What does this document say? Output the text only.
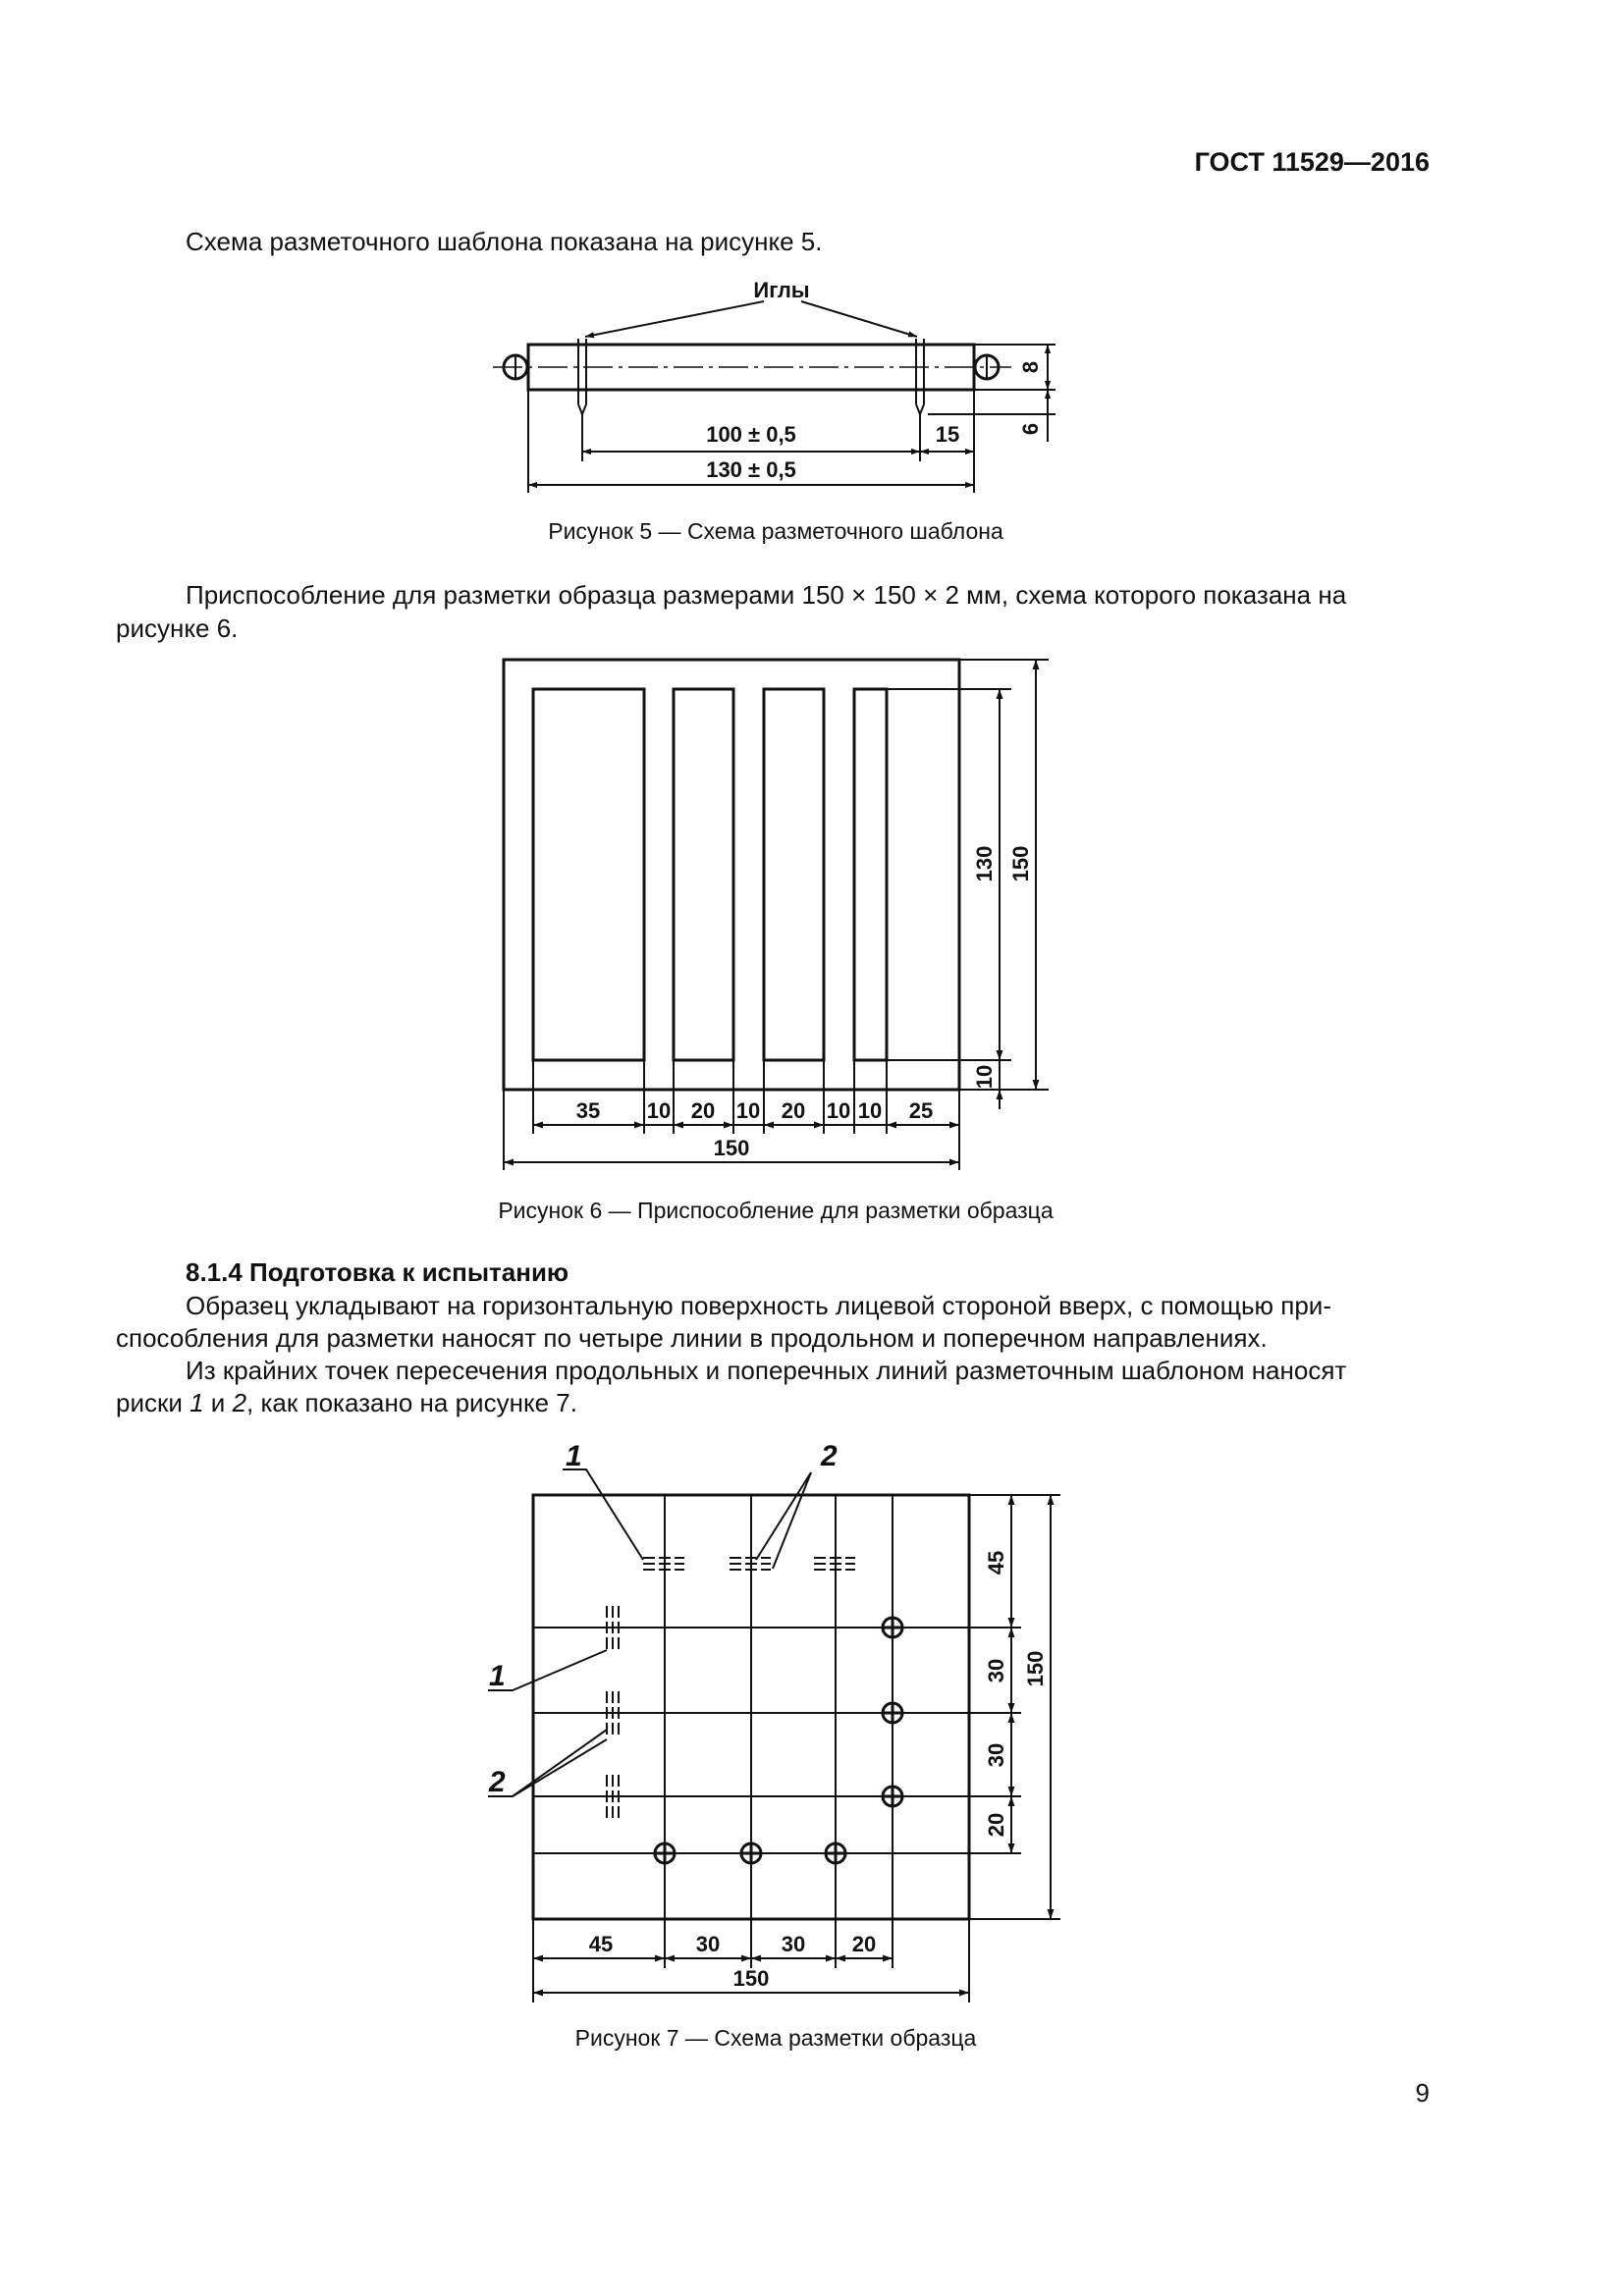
ГОСТ 11529—2016
Схема разметочного шаблона показана на рисунке 5.
Иглы
100 ± 0,5	15
130 ± 0,5
8
6
Рисунок 5 — Схема разметочного шаблона
Приспособление для разметки образца размерами 150 × 150 × 2 мм, схема которого показана на
рисунке 6.
35 10 20 10 20 10 10 25
150
130 150
10
Рисунок 6 — Приспособление для разметки образца
8.1.4 Подготовка к испытанию
Образец укладывают на горизонтальную поверхность лицевой стороной вверх, с помощью при-
способления для разметки наносят по четыре линии в продольном и поперечном направлениях.
Из крайних точек пересечения продольных и поперечных линий разметочным шаблоном наносят
риски 1 и 2, как показано на рисунке 7.
1	2
1
2
45	30	30 20
150
45
30
30
20
150
Рисунок 7 — Схема разметки образца
9
